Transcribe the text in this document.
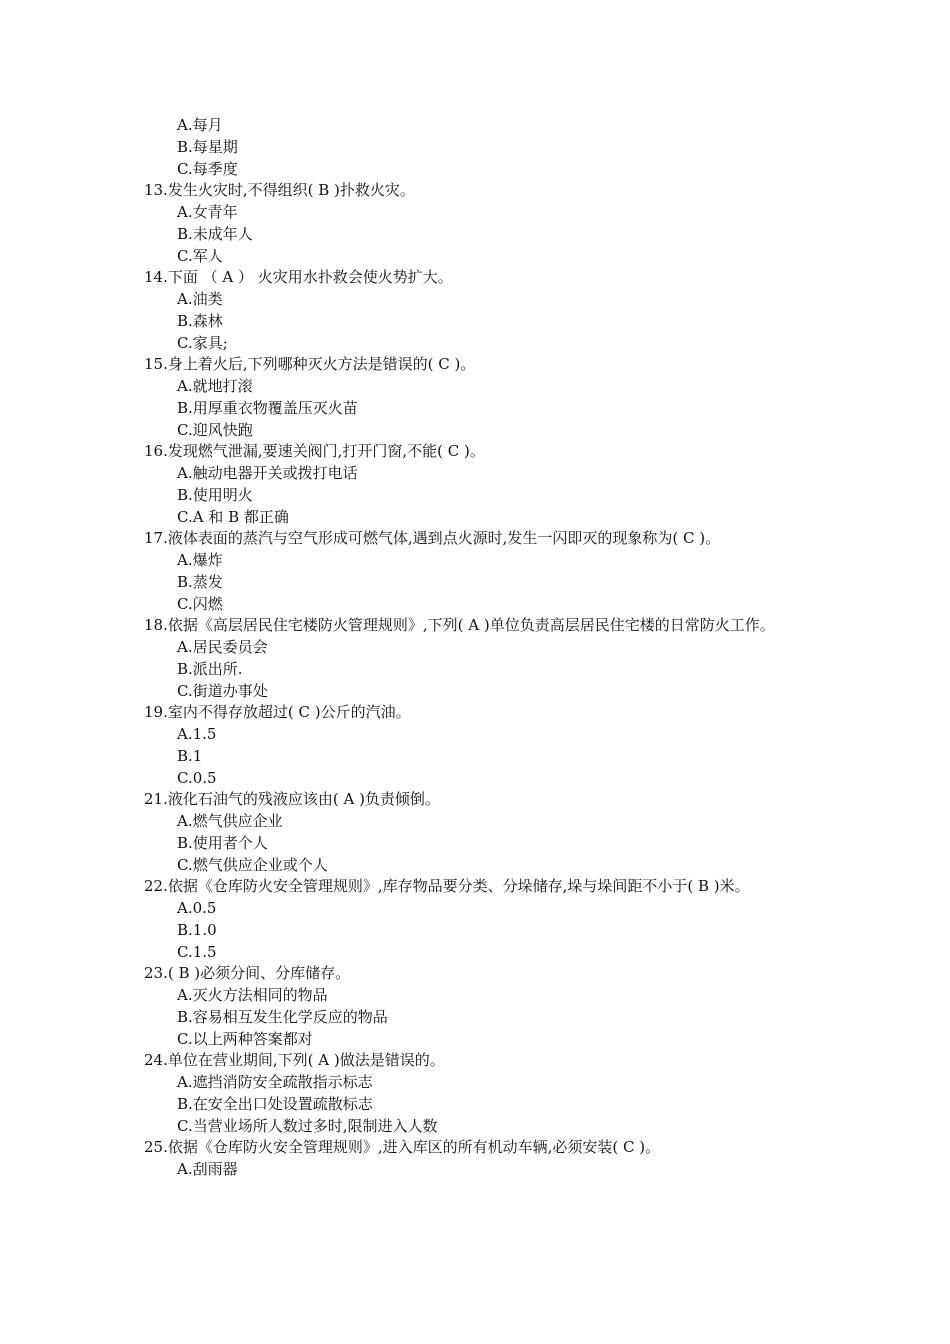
A.每月

B.每星期

C.每季度

13.发生火灾时,不得组织( B )扑救火灾。

A.女青年

B.未成年人

C.军人

14.下面 （ A ） 火灾用水扑救会使火势扩大。

A.油类

B.森林

C.家具;

15.身上着火后,下列哪种灭火方法是错误的( C )。

A.就地打滚

B.用厚重衣物覆盖压灭火苗

C.迎风快跑

16.发现燃气泄漏,要速关阀门,打开门窗,不能( C )。

A.触动电器开关或拨打电话

B.使用明火

C.A 和 B 都正确

17.液体表面的蒸汽与空气形成可燃气体,遇到点火源时,发生一闪即灭的现象称为( C )。

A.爆炸

B.蒸发

C.闪燃

18.依据《高层居民住宅楼防火管理规则》,下列( A )单位负责高层居民住宅楼的日常防火工作。

A.居民委员会

B.派出所.

C.街道办事处

19.室内不得存放超过( C )公斤的汽油。

A.1.5

B.1

C.0.5

21.液化石油气的残液应该由( A )负责倾倒。

A.燃气供应企业

B.使用者个人

C.燃气供应企业或个人

22.依据《仓库防火安全管理规则》,库存物品要分类、分垛储存,垛与垛间距不小于( B )米。

A.0.5

B.1.0

C.1.5

23.( B )必须分间、分库储存。

A.灭火方法相同的物品

B.容易相互发生化学反应的物品

C.以上两种答案都对

24.单位在营业期间,下列( A )做法是错误的。

A.遮挡消防安全疏散指示标志

B.在安全出口处设置疏散标志

C.当营业场所人数过多时,限制进入人数

25.依据《仓库防火安全管理规则》,进入库区的所有机动车辆,必须安装( C )。

A.刮雨器
